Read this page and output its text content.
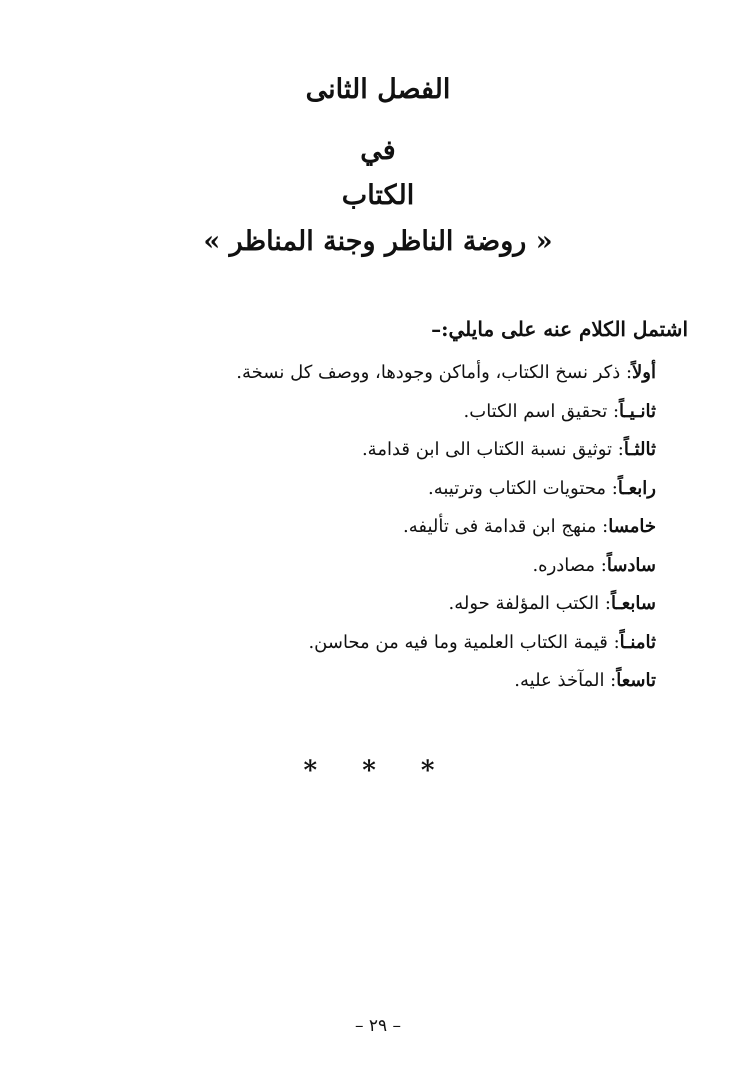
الفصل الثانى
في
الكتاب
« روضة الناظر وجنة المناظر »
اشتمل الكلام عنه على مايلي:–
أولاً: ذكر نسخ الكتاب، وأماكن وجودها، ووصف كل نسخة.
ثانـيـاً: تحقيق اسم الكتاب.
ثالثـاً: توثيق نسبة الكتاب الى ابن قدامة.
رابعـاً: محتويات الكتاب وترتيبه.
خامسا: منهج ابن قدامة فى تأليفه.
سادساً: مصادره.
سابعـاً: الكتب المؤلفة حوله.
ثامنـاً: قيمة الكتاب العلمية وما فيه من محاسن.
تاسعاً: المآخذ عليه.
* * *
– ٢٩ –
